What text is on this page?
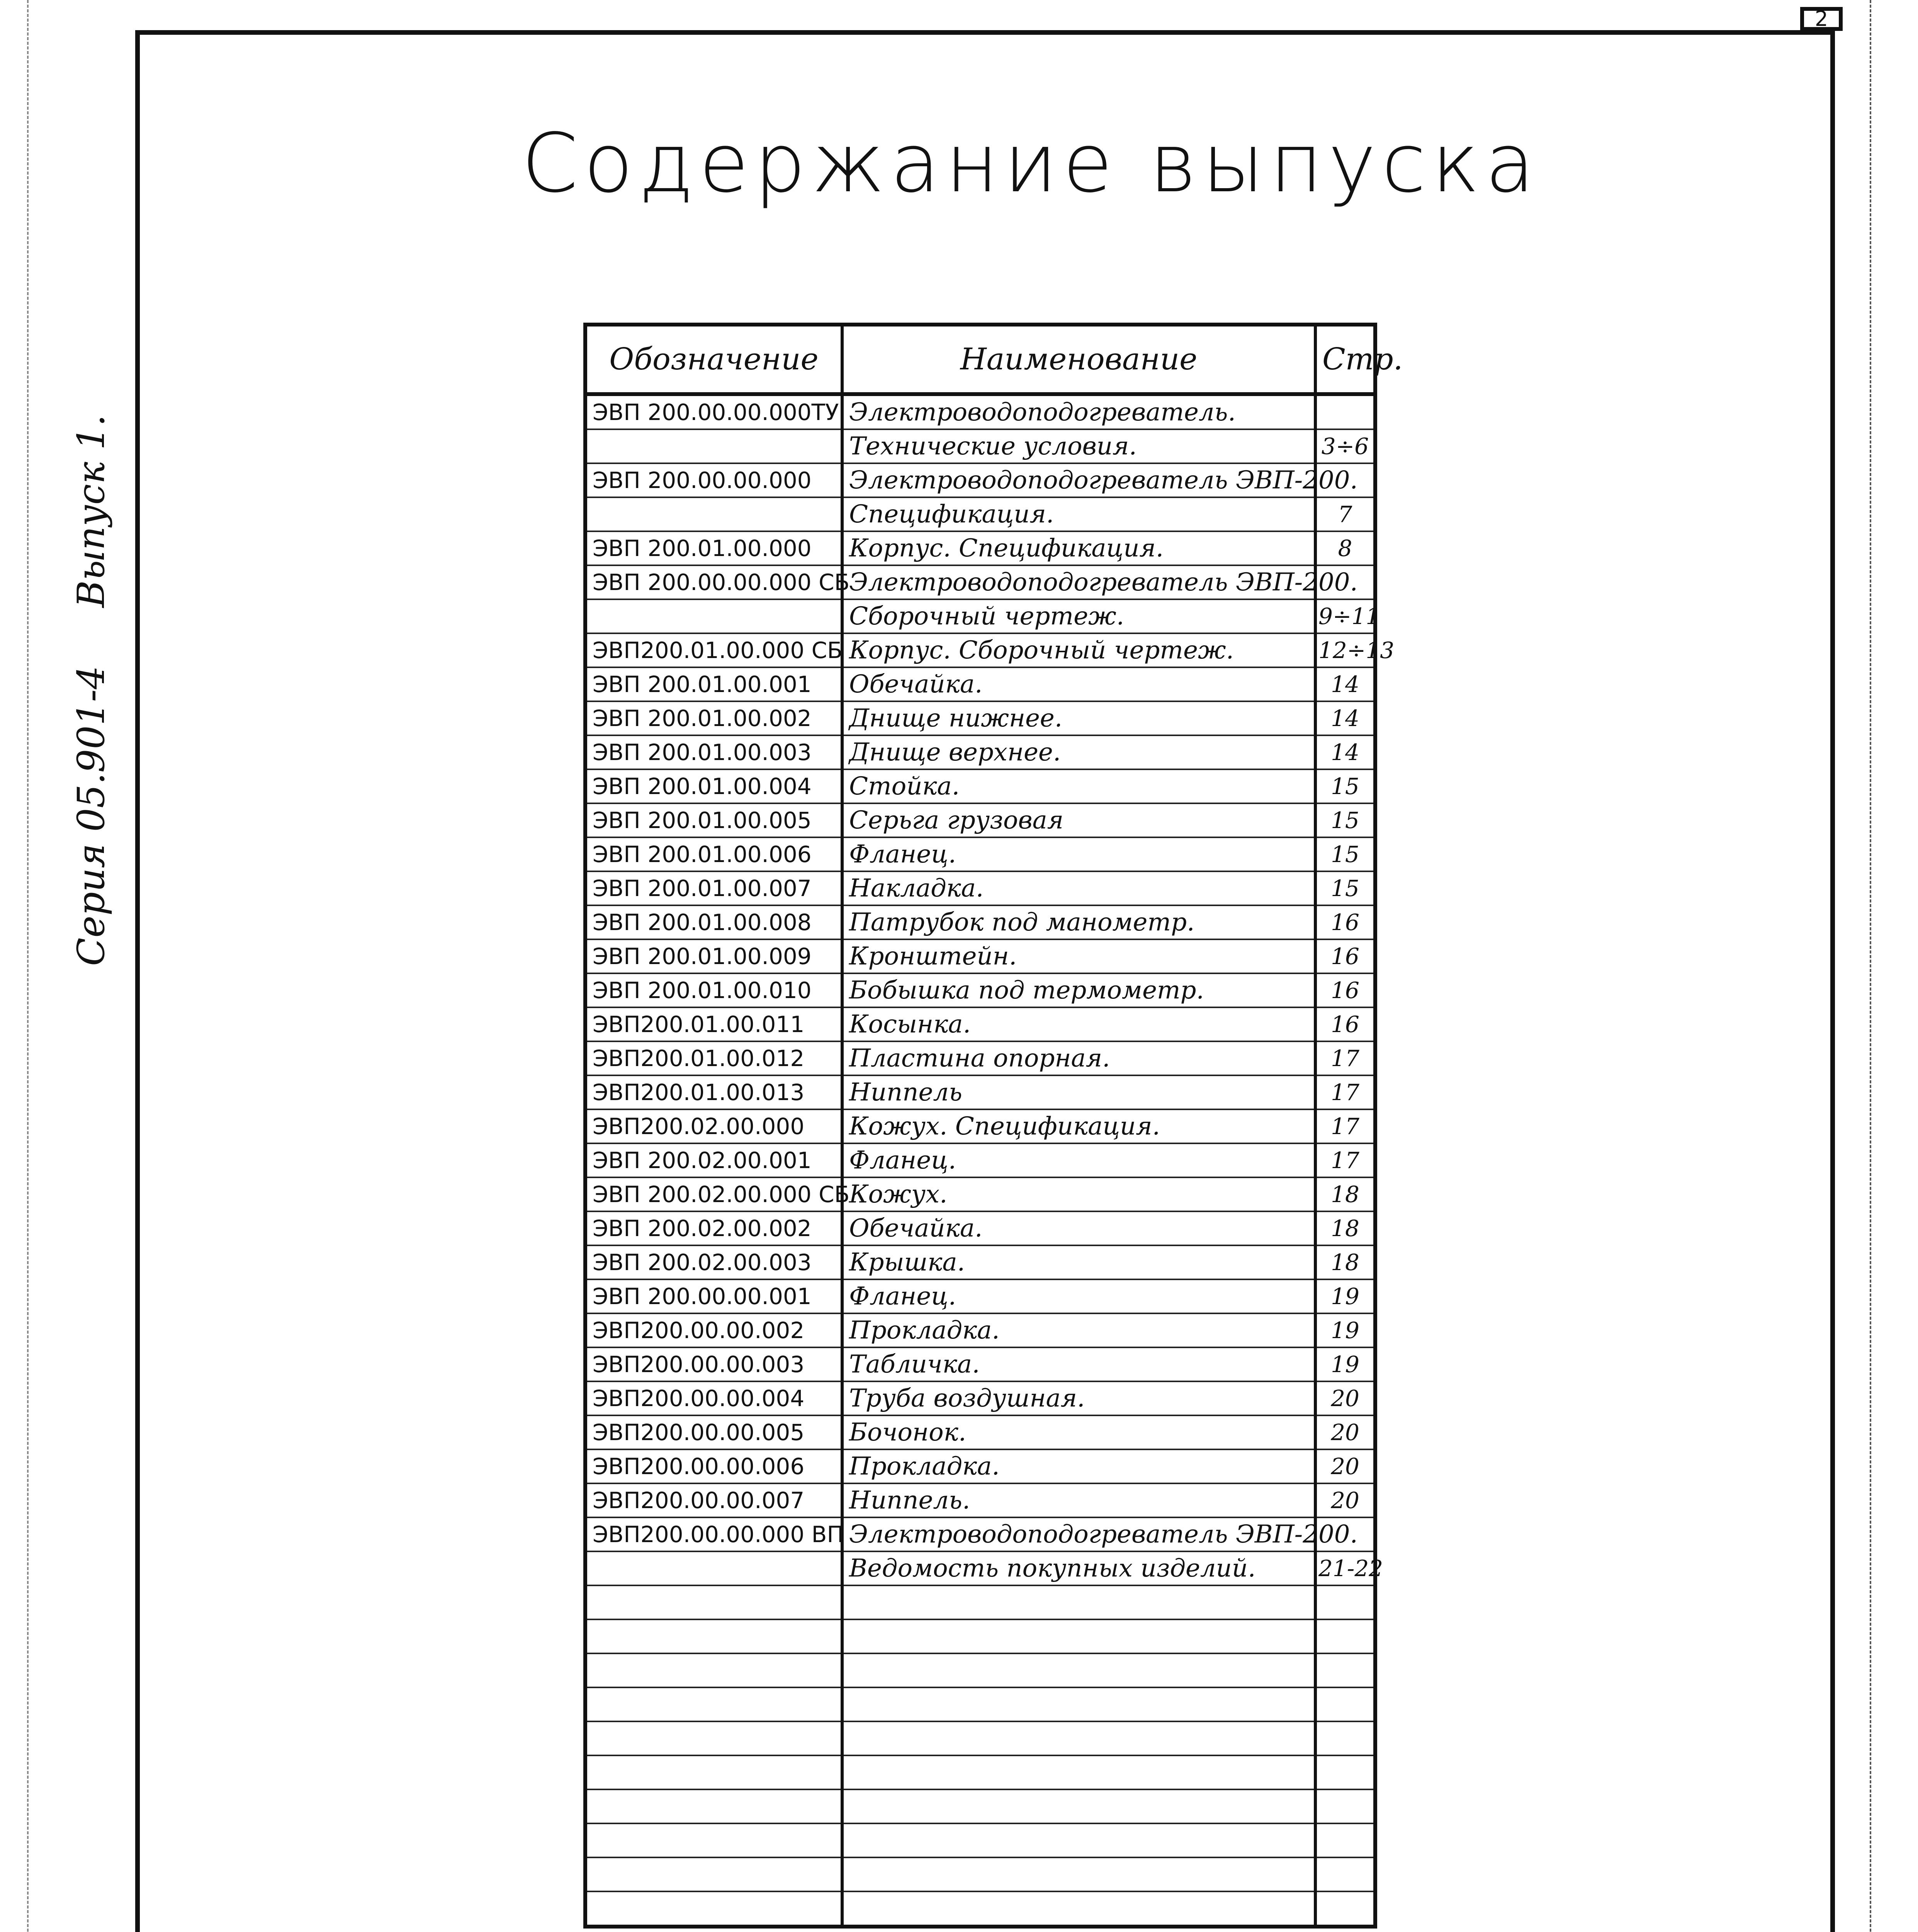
2
Содержание выпуска
Серия 05.901-4 Выпуск 1.
Обозначение	Наименование	Стр.
ЭВП 200.00.00.000ТУ	Электроводоподогреватель.	
	Технические условия.	3÷6
ЭВП 200.00.00.000	Электроводоподогреватель ЭВП-200.	
	Спецификация.	7
ЭВП 200.01.00.000	Корпус. Спецификация.	8
ЭВП 200.00.00.000 СБ	Электроводоподогреватель ЭВП-200.	
	Сборочный чертеж.	9÷11
ЭВП200.01.00.000 СБ	Корпус. Сборочный чертеж.	12÷13
ЭВП 200.01.00.001	Обечайка.	14
ЭВП 200.01.00.002	Днище нижнее.	14
ЭВП 200.01.00.003	Днище верхнее.	14
ЭВП 200.01.00.004	Стойка.	15
ЭВП 200.01.00.005	Серьга грузовая	15
ЭВП 200.01.00.006	Фланец.	15
ЭВП 200.01.00.007	Накладка.	15
ЭВП 200.01.00.008	Патрубок под манометр.	16
ЭВП 200.01.00.009	Кронштейн.	16
ЭВП 200.01.00.010	Бобышка под термометр.	16
ЭВП200.01.00.011	Косынка.	16
ЭВП200.01.00.012	Пластина опорная.	17
ЭВП200.01.00.013	Ниппель	17
ЭВП200.02.00.000	Кожух. Спецификация.	17
ЭВП 200.02.00.001	Фланец.	17
ЭВП 200.02.00.000 СБ	Кожух.	18
ЭВП 200.02.00.002	Обечайка.	18
ЭВП 200.02.00.003	Крышка.	18
ЭВП 200.00.00.001	Фланец.	19
ЭВП200.00.00.002	Прокладка.	19
ЭВП200.00.00.003	Табличка.	19
ЭВП200.00.00.004	Труба воздушная.	20
ЭВП200.00.00.005	Бочонок.	20
ЭВП200.00.00.006	Прокладка.	20
ЭВП200.00.00.007	Ниппель.	20
ЭВП200.00.00.000 ВП	Электроводоподогреватель ЭВП-200.	
	Ведомость покупных изделий.	21-22
